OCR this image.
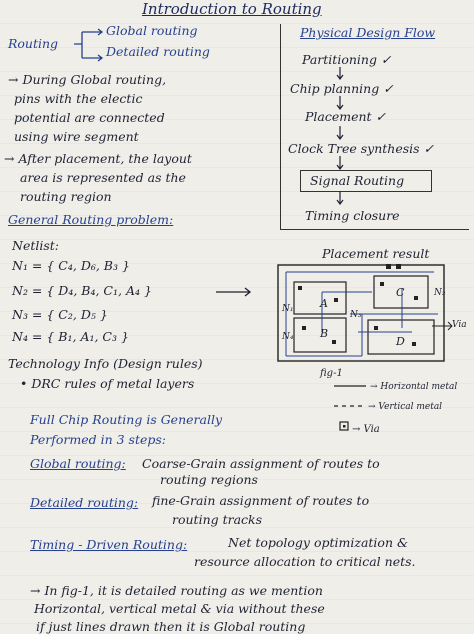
Introduction to Routing
Routing
Global routing
Detailed routing
→ During Global routing,
pins with the electic
potential are connected
using wire segment
→ After placement, the layout
area is represented as the
routing region
General Routing problem:
Netlist:
N₁ = { C₄, D₆, B₃ }
N₂ = { D₄, B₄, C₁, A₄ }
N₃ = { C₂, D₅ }
N₄ = { B₁, A₁, C₃ }
Technology Info (Design rules)
• DRC rules of metal layers
Physical Design Flow
Partitioning ✓
Chip planning ✓
Placement ✓
Clock Tree synthesis ✓
Signal Routing
Timing closure
Placement result
A
B
C
D
N₁
N₂
N₃
N₄
Via
fig-1
→ Horizontal metal
→ Vertical metal
→ Via
Full Chip Routing is Generally
Performed in 3 steps:
Global routing: Coarse-Grain assignment of routes to
routing regions
Detailed routing: fine-Grain assignment of routes to
routing tracks
Timing - Driven Routing:	Net topology optimization &
resource allocation to critical nets.
→ In fig-1, it is detailed routing as we mention
Horizontal, vertical metal & via without these
if just lines drawn then it is Global routing
